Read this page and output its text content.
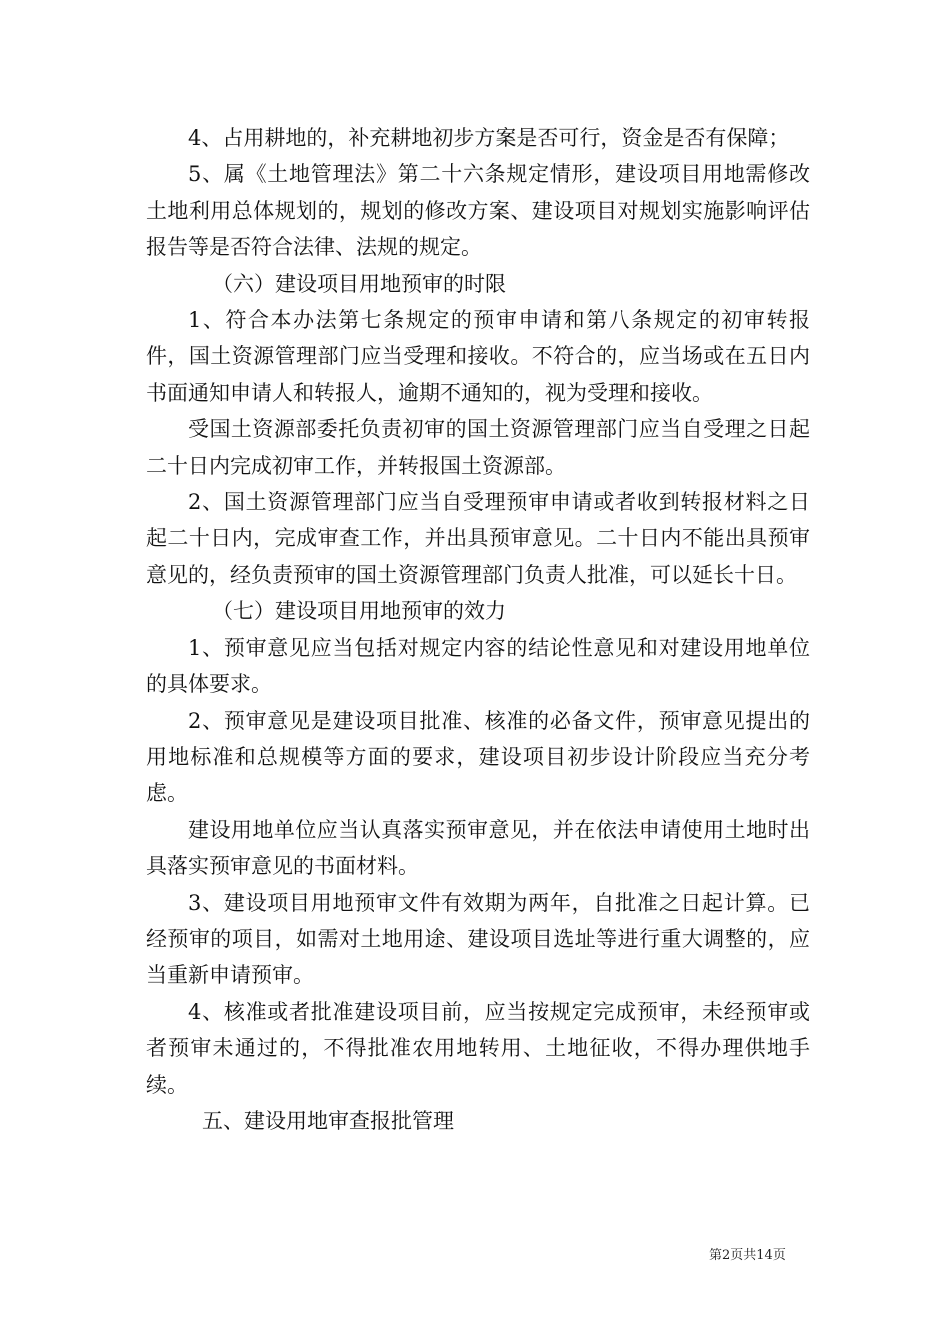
4、占用耕地的，补充耕地初步方案是否可行，资金是否有保障；

5、属《土地管理法》第二十六条规定情形，建设项目用地需修改土地利用总体规划的，规划的修改方案、建设项目对规划实施影响评估报告等是否符合法律、法规的规定。

（六）建设项目用地预审的时限

1、符合本办法第七条规定的预审申请和第八条规定的初审转报件，国土资源管理部门应当受理和接收。不符合的，应当场或在五日内书面通知申请人和转报人，逾期不通知的，视为受理和接收。

受国土资源部委托负责初审的国土资源管理部门应当自受理之日起二十日内完成初审工作，并转报国土资源部。

2、国土资源管理部门应当自受理预审申请或者收到转报材料之日起二十日内，完成审查工作，并出具预审意见。二十日内不能出具预审意见的，经负责预审的国土资源管理部门负责人批准，可以延长十日。

（七）建设项目用地预审的效力

1、预审意见应当包括对规定内容的结论性意见和对建设用地单位的具体要求。

2、预审意见是建设项目批准、核准的必备文件，预审意见提出的用地标准和总规模等方面的要求，建设项目初步设计阶段应当充分考虑。

建设用地单位应当认真落实预审意见，并在依法申请使用土地时出具落实预审意见的书面材料。

3、建设项目用地预审文件有效期为两年，自批准之日起计算。已经预审的项目，如需对土地用途、建设项目选址等进行重大调整的，应当重新申请预审。

4、核准或者批准建设项目前，应当按规定完成预审，未经预审或者预审未通过的，不得批准农用地转用、土地征收，不得办理供地手续。

五、建设用地审查报批管理

第2页共14页
